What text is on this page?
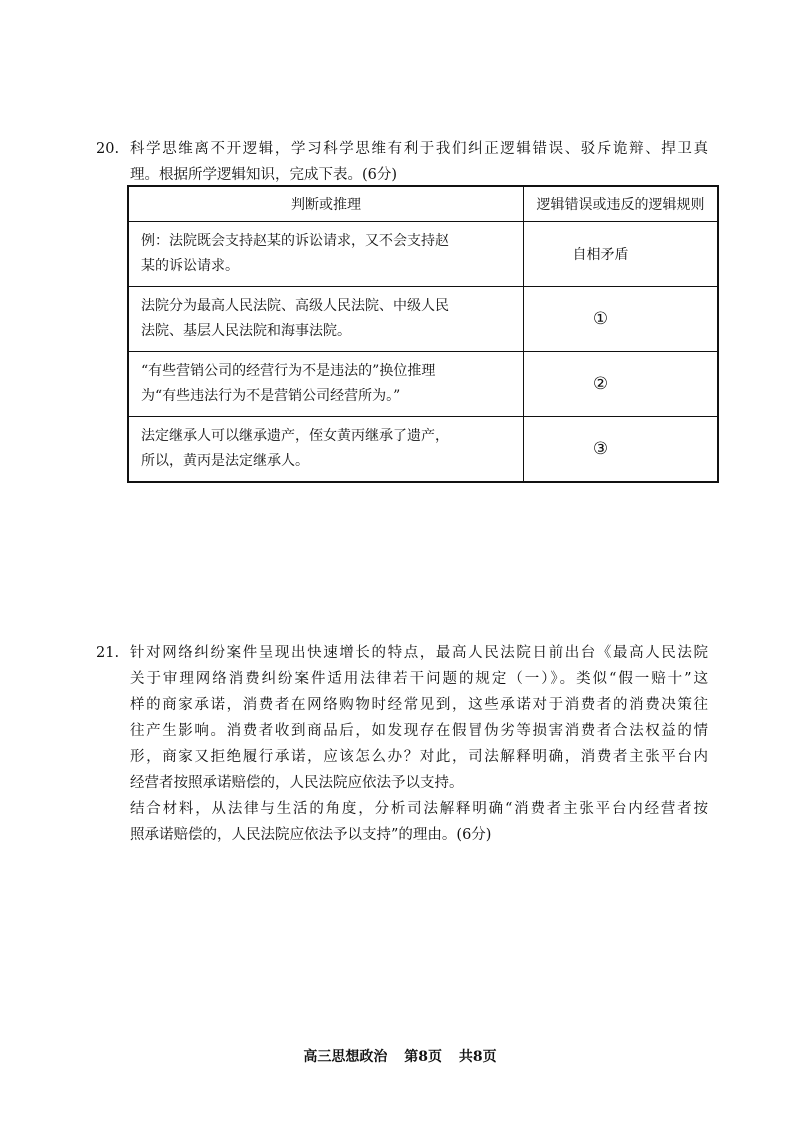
20. 科学思维离不开逻辑，学习科学思维有利于我们纠正逻辑错误、驳斥诡辩、捍卫真
理。根据所学逻辑知识，完成下表。(6分)
判断或推理	逻辑错误或违反的逻辑规则

例：法院既会支持赵某的诉讼请求，又不会支持赵
某的诉讼请求。	自相矛盾

法院分为最高人民法院、高级人民法院、中级人民
法院、基层人民法院和海事法院。	①

“有些营销公司的经营行为不是违法的”换位推理
为“有些违法行为不是营销公司经营所为。”	②

法定继承人可以继承遗产，侄女黄丙继承了遗产，
所以，黄丙是法定继承人。	③
21. 针对网络纠纷案件呈现出快速增长的特点，最高人民法院日前出台《最高人民法院
关于审理网络消费纠纷案件适用法律若干问题的规定（一）》。类似“假一赔十”这
样的商家承诺，消费者在网络购物时经常见到，这些承诺对于消费者的消费决策往
往产生影响。消费者收到商品后，如发现存在假冒伪劣等损害消费者合法权益的情
形，商家又拒绝履行承诺，应该怎么办？对此，司法解释明确，消费者主张平台内
经营者按照承诺赔偿的，人民法院应依法予以支持。
结合材料，从法律与生活的角度，分析司法解释明确“消费者主张平台内经营者按
照承诺赔偿的，人民法院应依法予以支持”的理由。(6分)
高三思想政治 第8页 共8页
